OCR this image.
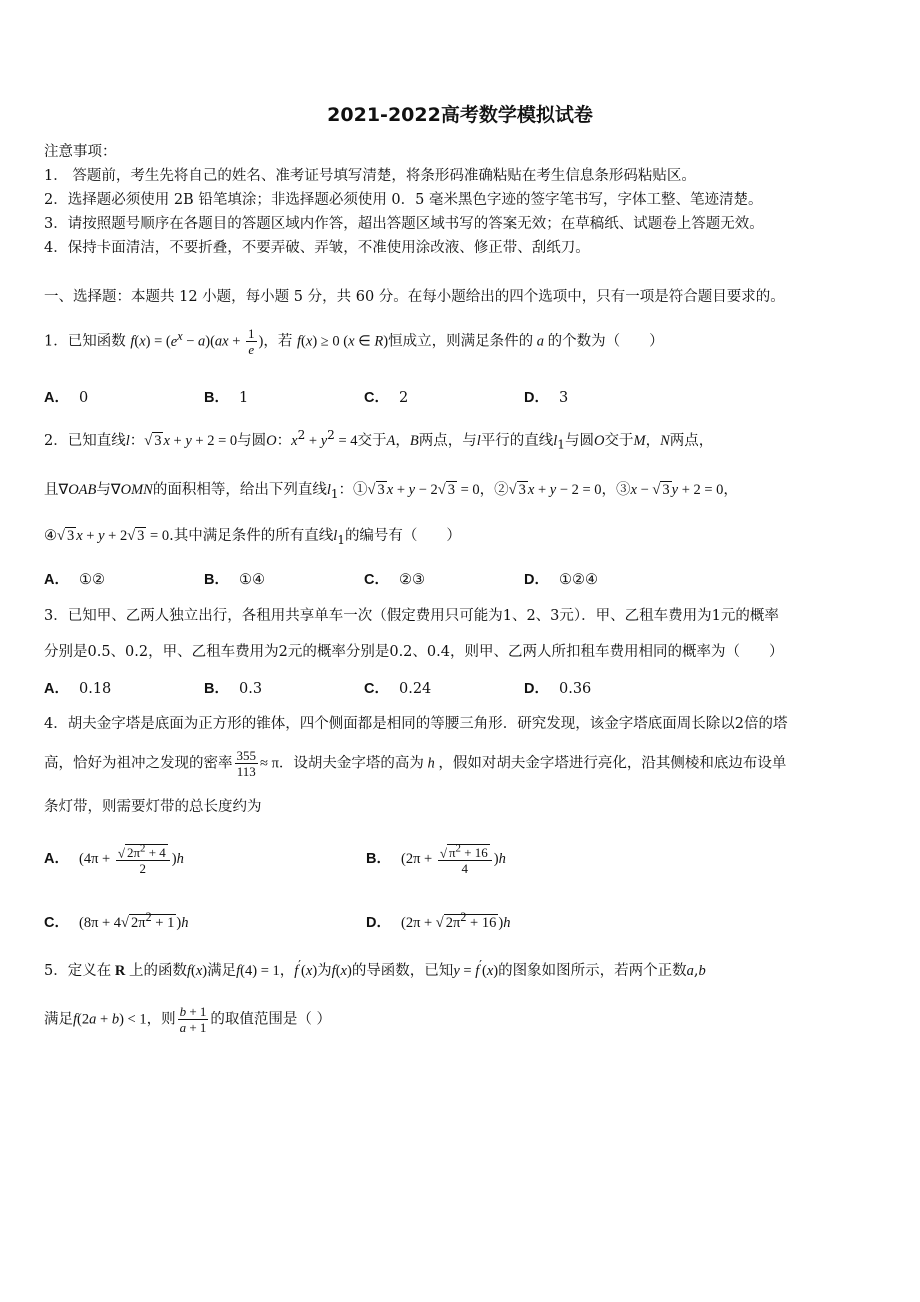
2021-2022高考数学模拟试卷
注意事项：
1． 答题前，考生先将自己的姓名、准考证号填写清楚，将条形码准确粘贴在考生信息条形码粘贴区。
2．选择题必须使用 2B 铅笔填涂；非选择题必须使用 0．5 毫米黑色字迹的签字笔书写，字体工整、笔迹清楚。
3．请按照题号顺序在各题目的答题区域内作答，超出答题区域书写的答案无效；在草稿纸、试题卷上答题无效。
4．保持卡面清洁，不要折叠，不要弄破、弄皱，不准使用涂改液、修正带、刮纸刀。
一、选择题：本题共 12 小题，每小题 5 分，共 60 分。在每小题给出的四个选项中，只有一项是符合题目要求的。
1．已知函数 $f(x) = (e^x - a)(ax + \frac{1}{e}$ )，若 f(x) ≥ 0 (x ∈ R)恒成立，则满足条件的 a 的个数为（　　）
A． 0	B． 1	C． 2	D． 3
2．已知直线l：√ 3 x + y + 2 = 0与圆O：$x^2 + y^2 = 4$交于A，B两点，与l平行的直线$l_1$与圆O交于M，N两点，
且∇OAB与∇OMN的面积相等，给出下列直线$l_1$：①√ 3 x + y − 2√ 3 = 0，②√ 3 x + y − 2 = 0，③x − √ 3 y + 2 = 0，
④√ 3 x + y + 2√ 3 = 0.其中满足条件的所有直线$l_1$的编号有（　　）
A． ①②	B． ①④	C． ②③	D． ①②④
3．已知甲、乙两人独立出行，各租用共享单车一次（假定费用只可能为1、2、3元）．甲、乙租车费用为1元的概率
分别是0.5、0.2，甲、乙租车费用为2元的概率分别是0.2、0.4，则甲、乙两人所扣租车费用相同的概率为（　　）
A． 0.18	B． 0.3	C． 0.24	D． 0.36
4．胡夫金字塔是底面为正方形的锥体，四个侧面都是相同的等腰三角形．研究发现，该金字塔底面周长除以2倍的塔
高，恰好为祖冲之发现的密率 $\frac{355}{113} \approx \pi$．设胡夫金字塔的高为 h ，假如对胡夫金字塔进行亮化，沿其侧棱和底边布设单
条灯带，则需要灯带的总长度约为
A． $(4\pi + \frac{√ 2\pi^2 + 4}{2} )h$	B． $(2\pi + \frac{√ \pi^2 + 16}{4} )h$
C． (8π + 4√ $2\pi^2 + 1$ )h	D． (2π + √ $2\pi^2 + 16$ )h
5．定义在 R 上的函数f(x)满足f(4) = 1，f′(x)为f(x)的导函数，已知y = f′(x)的图象如图所示，若两个正数a,b
满足f(2a + b) < 1，则 $\frac{b + 1}{a + 1}$ 的取值范围是（ ）
